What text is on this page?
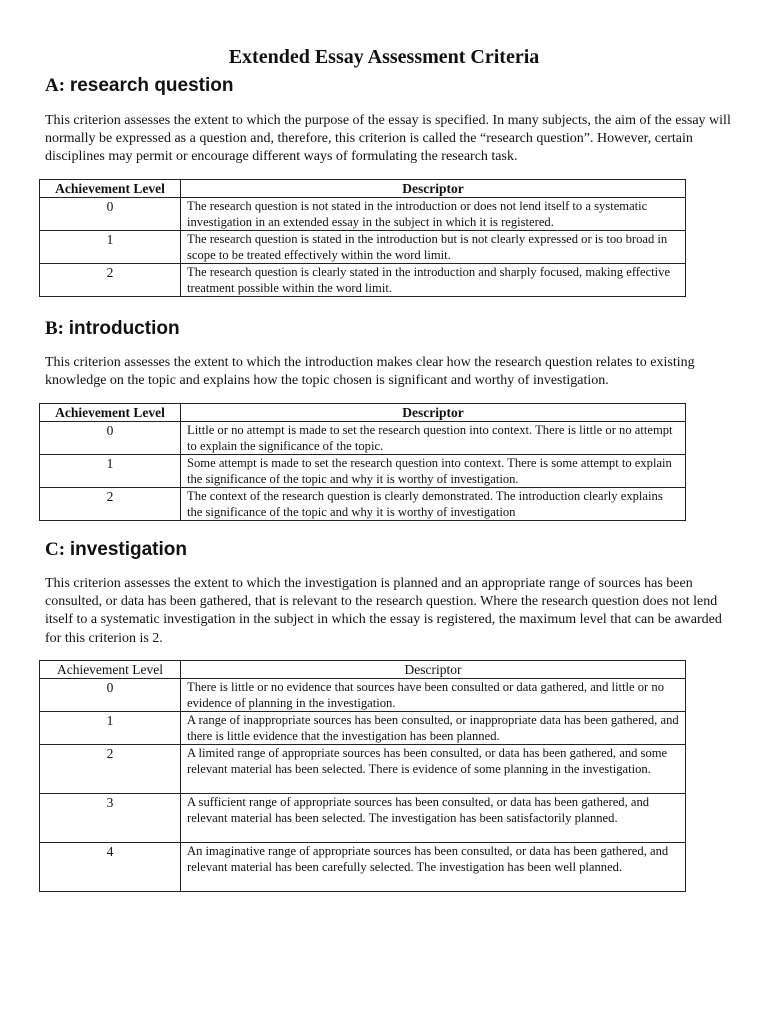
Extended Essay Assessment Criteria
A: research question

This criterion assesses the extent to which the purpose of the essay is specified. In many subjects, the aim of the essay will normally be expressed as a question and, therefore, this criterion is called the “research question”. However, certain disciplines may permit or encourage different ways of formulating the research task.

Achievement Level	Descriptor
0	The research question is not stated in the introduction or does not lend itself to a systematic investigation in an extended essay in the subject in which it is registered.
1	The research question is stated in the introduction but is not clearly expressed or is too broad in scope to be treated effectively within the word limit.
2	The research question is clearly stated in the introduction and sharply focused, making effective treatment possible within the word limit.
B: introduction

This criterion assesses the extent to which the introduction makes clear how the research question relates to existing knowledge on the topic and explains how the topic chosen is significant and worthy of investigation.

Achievement Level	Descriptor
0	Little or no attempt is made to set the research question into context. There is little or no attempt to explain the significance of the topic.
1	Some attempt is made to set the research question into context. There is some attempt to explain the significance of the topic and why it is worthy of investigation.
2	The context of the research question is clearly demonstrated. The introduction clearly explains the significance of the topic and why it is worthy of investigation
C: investigation

This criterion assesses the extent to which the investigation is planned and an appropriate range of sources has been consulted, or data has been gathered, that is relevant to the research question. Where the research question does not lend itself to a systematic investigation in the subject in which the essay is registered, the maximum level that can be awarded for this criterion is 2.

Achievement Level	Descriptor
0	There is little or no evidence that sources have been consulted or data gathered, and little or no evidence of planning in the investigation.
1	A range of inappropriate sources has been consulted, or inappropriate data has been gathered, and there is little evidence that the investigation has been planned.
2	A limited range of appropriate sources has been consulted, or data has been gathered, and some relevant material has been selected. There is evidence of some planning in the investigation.
3	A sufficient range of appropriate sources has been consulted, or data has been gathered, and relevant material has been selected. The investigation has been satisfactorily planned.
4	An imaginative range of appropriate sources has been consulted, or data has been gathered, and relevant material has been carefully selected. The investigation has been well planned.
